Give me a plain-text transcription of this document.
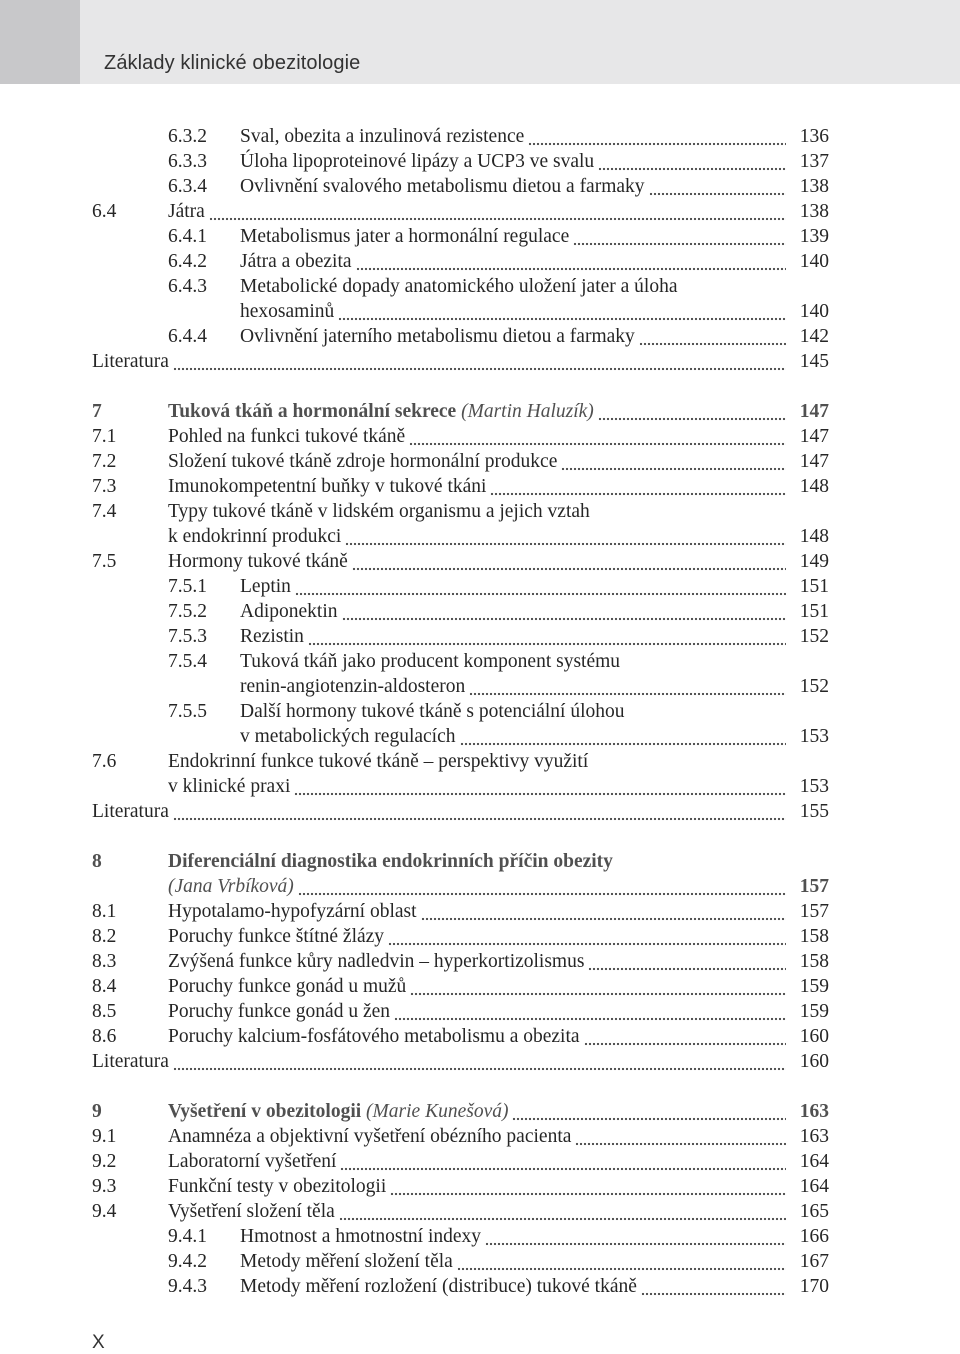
Základy klinické obezitologie
6.3.2 Sval, obezita a inzulinová rezistence	136
6.3.3 Úloha lipoproteinové lipázy a UCP3 ve svalu	137
6.3.4 Ovlivnění svalového metabolismu dietou a farmaky	138
6.4	Játra	138
6.4.1 Metabolismus jater a hormonální regulace	139
6.4.2 Játra a obezita	140
6.4.3 Metabolické dopady anatomického uložení jater a úloha
hexosaminů	140
6.4.4 Ovlivnění jaterního metabolismu dietou a farmaky	142
Literatura	145
7	Tuková tkáň a hormonální sekrece
(Martin Haluzík)	147
7.1	Pohled na funkci tukové tkáně	147
7.2	Složení tukové tkáně zdroje hormonální produkce	147
7.3	Imunokompetentní buňky v tukové tkáni	148
7.4	Typy tukové tkáně v lidském organismu a jejich vztah
k endokrinní produkci	148
7.5	Hormony tukové tkáně	149
7.5.1 Leptin	151
7.5.2 Adiponektin	151
7.5.3 Rezistin	152
7.5.4 Tuková tkáň jako producent komponent systému
renin-angiotenzin-aldosteron	152
7.5.5 Další hormony tukové tkáně s potenciální úlohou
v metabolických regulacích	153
7.6	Endokrinní funkce tukové tkáně – perspektivy využití
v klinické praxi	153
Literatura	155
8	Diferenciální diagnostika endokrinních příčin obezity
(Jana Vrbíková)	157
8.1	Hypotalamo-hypofyzární oblast	157
8.2	Poruchy funkce štítné žlázy	158
8.3	Zvýšená funkce kůry nadledvin – hyperkortizolismus	158
8.4	Poruchy funkce gonád u mužů	159
8.5	Poruchy funkce gonád u žen	159
8.6	Poruchy kalcium-fosfátového metabolismu a obezita	160
Literatura	160
9	Vyšetření v obezitologii
(Marie Kunešová)	163
9.1	Anamnéza a objektivní vyšetření obézního pacienta	163
9.2	Laboratorní vyšetření	164
9.3	Funkční testy v obezitologii	164
9.4	Vyšetření složení těla	165
9.4.1 Hmotnost a hmotnostní indexy	166
9.4.2 Metody měření složení těla	167
9.4.3 Metody měření rozložení (distribuce) tukové tkáně	170
X
